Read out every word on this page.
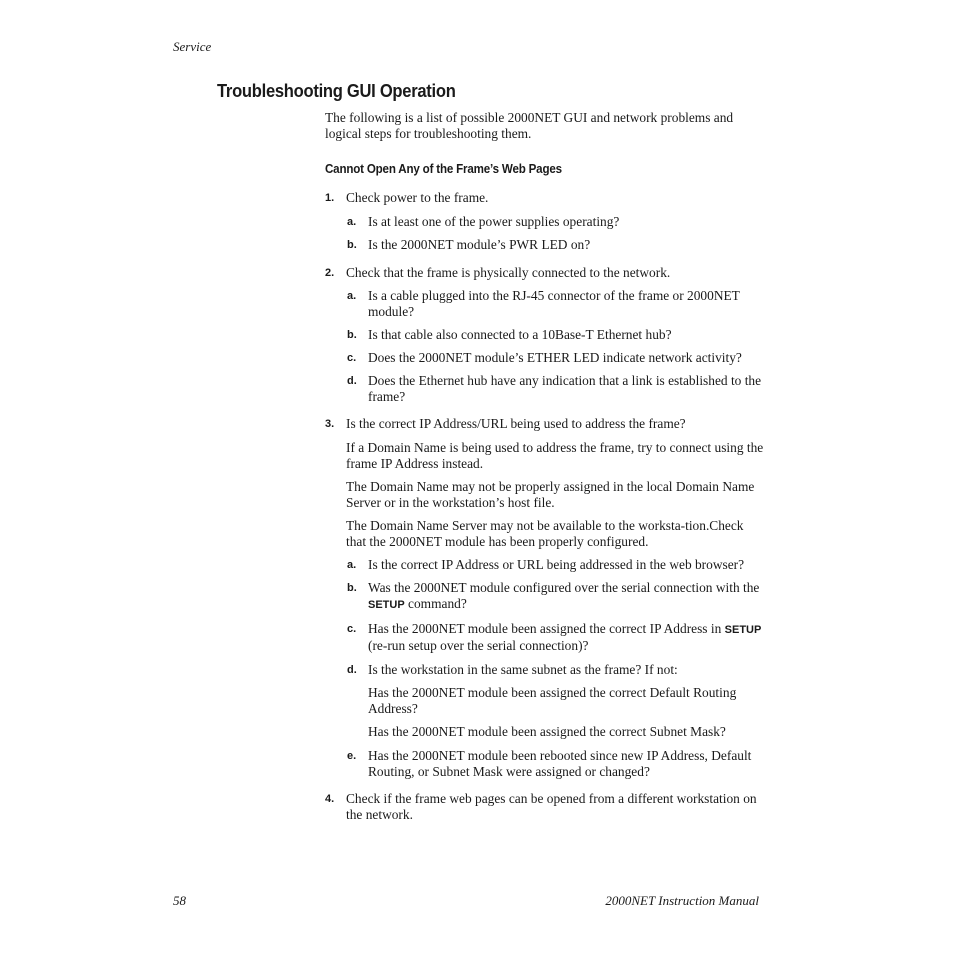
Service
Troubleshooting GUI Operation

The following is a list of possible 2000NET GUI and network problems and logical steps for troubleshooting them.

Cannot Open Any of the Frame’s Web Pages
1. Check power to the frame.
a. Is at least one of the power supplies operating?
b. Is the 2000NET module’s PWR LED on?
2. Check that the frame is physically connected to the network.
a. Is a cable plugged into the RJ-45 connector of the frame or 2000NET module?
b. Is that cable also connected to a 10Base-T Ethernet hub?
c. Does the 2000NET module’s ETHER LED indicate network activity?
d. Does the Ethernet hub have any indication that a link is established to the frame?
3. Is the correct IP Address/URL being used to address the frame?
If a Domain Name is being used to address the frame, try to connect using the frame IP Address instead.
The Domain Name may not be properly assigned in the local Domain Name Server or in the workstation’s host file.
The Domain Name Server may not be available to the worksta-tion.Check that the 2000NET module has been properly configured.
a. Is the correct IP Address or URL being addressed in the web browser?
b. Was the 2000NET module configured over the serial connection with the SETUP command?
c. Has the 2000NET module been assigned the correct IP Address in SETUP (re-run setup over the serial connection)?
d. Is the workstation in the same subnet as the frame? If not:
Has the 2000NET module been assigned the correct Default Routing Address?
Has the 2000NET module been assigned the correct Subnet Mask?
e. Has the 2000NET module been rebooted since new IP Address, Default Routing, or Subnet Mask were assigned or changed?
4. Check if the frame web pages can be opened from a different workstation on the network.
58	2000NET Instruction Manual
